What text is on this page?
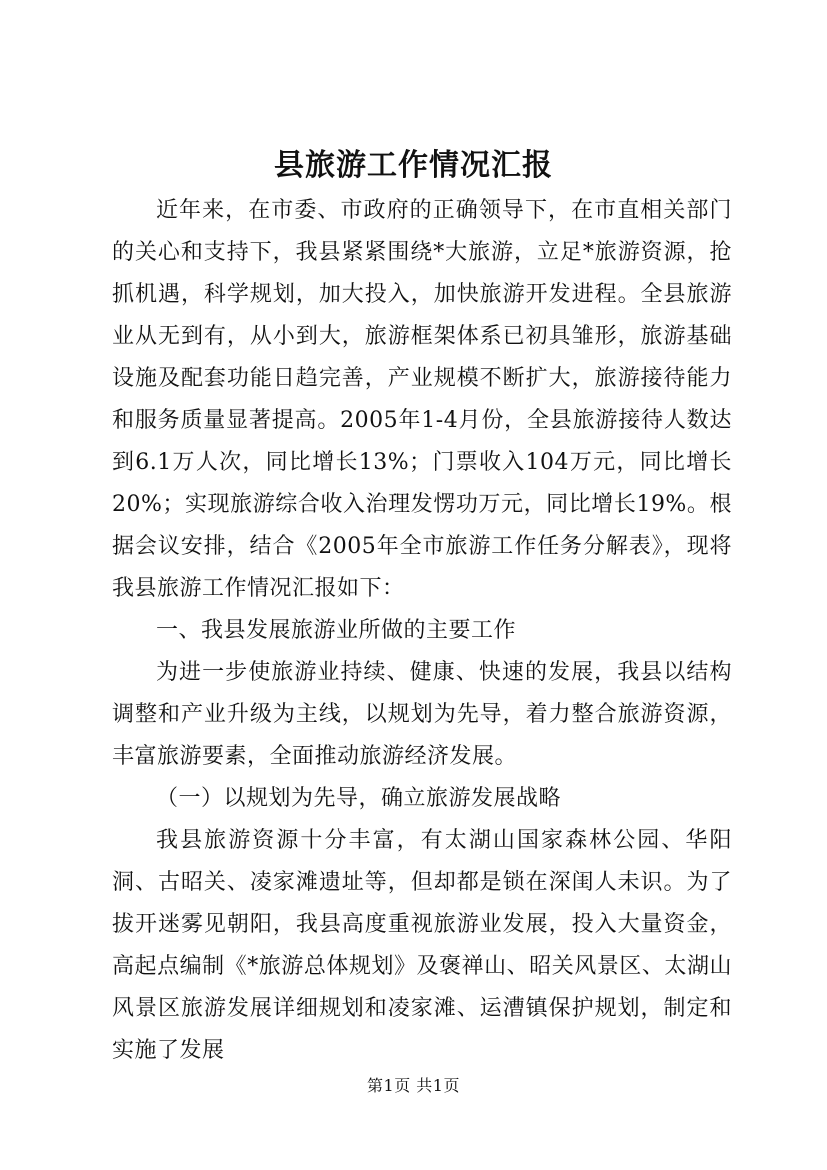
县旅游工作情况汇报

近年来，在市委、市政府的正确领导下，在市直相关部门的关心和支持下，我县紧紧围绕*大旅游，立足*旅游资源，抢抓机遇，科学规划，加大投入，加快旅游开发进程。全县旅游业从无到有，从小到大，旅游框架体系已初具雏形，旅游基础设施及配套功能日趋完善，产业规模不断扩大，旅游接待能力和服务质量显著提高。2005年1-4月份，全县旅游接待人数达到6.1万人次，同比增长13%；门票收入104万元，同比增长20%；实现旅游综合收入治理发愣功万元，同比增长19%。根据会议安排，结合《2005年全市旅游工作任务分解表》，现将我县旅游工作情况汇报如下：

一、我县发展旅游业所做的主要工作

为进一步使旅游业持续、健康、快速的发展，我县以结构调整和产业升级为主线，以规划为先导，着力整合旅游资源，丰富旅游要素，全面推动旅游经济发展。

（一）以规划为先导，确立旅游发展战略

我县旅游资源十分丰富，有太湖山国家森林公园、华阳洞、古昭关、凌家滩遗址等，但却都是锁在深闺人未识。为了拔开迷雾见朝阳，我县高度重视旅游业发展，投入大量资金，高起点编制《*旅游总体规划》及褒禅山、昭关风景区、太湖山风景区旅游发展详细规划和凌家滩、运漕镇保护规划，制定和实施了发展

第1页 共1页
